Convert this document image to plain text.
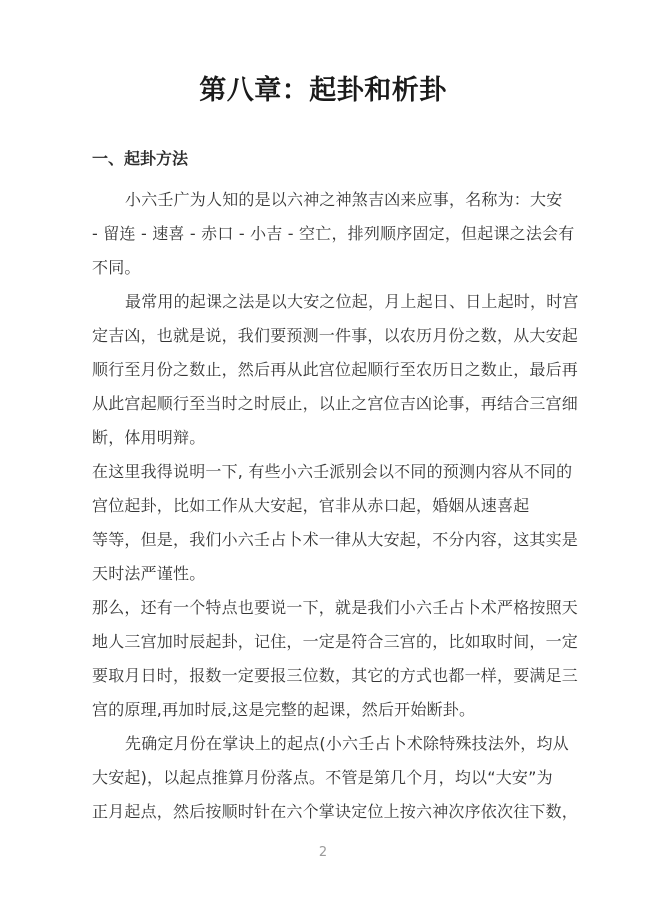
第八章：起卦和析卦
一、起卦方法
小六壬广为人知的是以六神之神煞吉凶来应事，名称为：大安
- 留连 - 速喜 - 赤口 - 小吉 - 空亡，排列顺序固定，但起课之法会有
不同。
最常用的起课之法是以大安之位起，月上起日、日上起时，时宫
定吉凶，也就是说，我们要预测一件事，以农历月份之数，从大安起
顺行至月份之数止，然后再从此宫位起顺行至农历日之数止，最后再
从此宫起顺行至当时之时辰止，以止之宫位吉凶论事，再结合三宫细
断，体用明辩。
在这里我得说明一下, 有些小六壬派别会以不同的预测内容从不同的
宫位起卦，比如工作从大安起，官非从赤口起，婚姻从速喜起
等等，但是，我们小六壬占卜术一律从大安起，不分内容，这其实是
天时法严谨性。
那么，还有一个特点也要说一下，就是我们小六壬占卜术严格按照天
地人三宫加时辰起卦，记住，一定是符合三宫的，比如取时间，一定
要取月日时，报数一定要报三位数，其它的方式也都一样，要满足三
宫的原理,再加时辰,这是完整的起课，然后开始断卦。
先确定月份在掌诀上的起点(小六壬占卜术除特殊技法外，均从
大安起)，以起点推算月份落点。不管是第几个月，均以“大安”为
正月起点，然后按顺时针在六个掌诀定位上按六神次序依次往下数，
2
